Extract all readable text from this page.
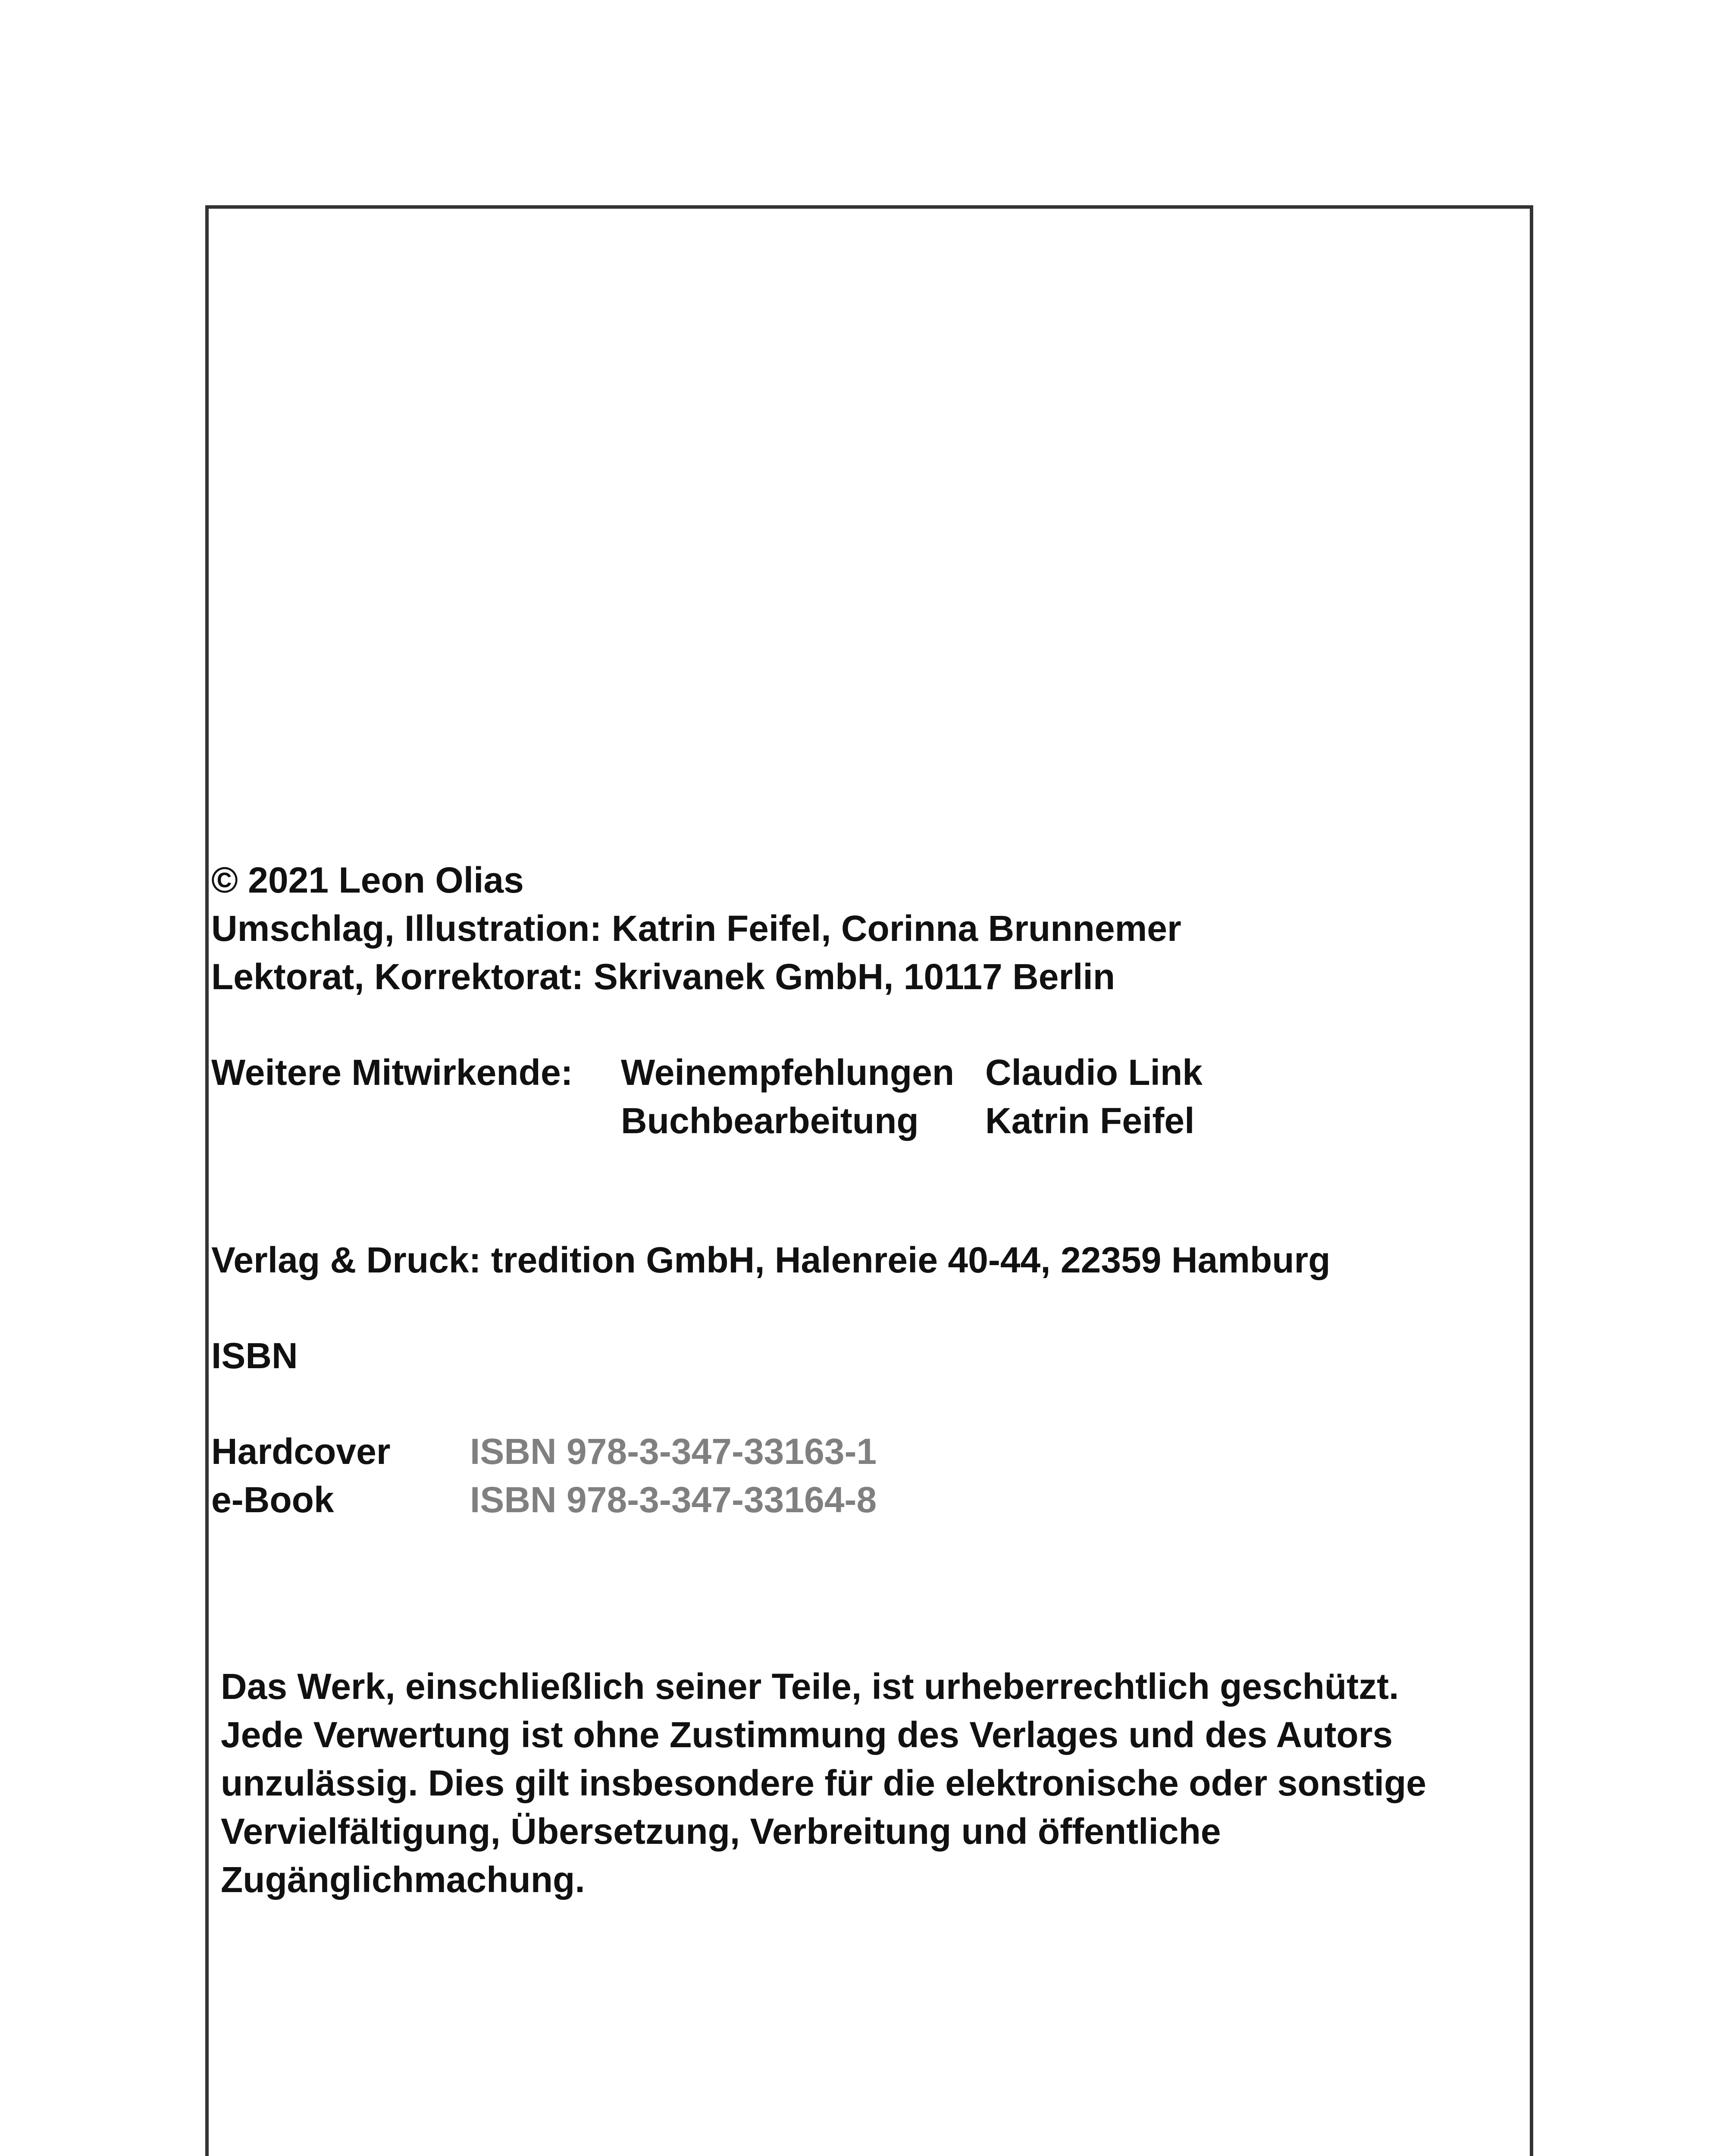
© 2021 Leon Olias
Umschlag, Illustration: Katrin Feifel, Corinna Brunnemer
Lektorat, Korrektorat: Skrivanek GmbH, 10117 Berlin
Weitere Mitwirkende: Weinempfehlungen Claudio Link
Buchbearbeitung Katrin Feifel
Verlag & Druck: tredition GmbH, Halenreie 40-44, 22359 Hamburg
ISBN
Hardcover ISBN 978-3-347-33163-1
e-Book	ISBN 978-3-347-33164-8
Das Werk, einschließlich seiner Teile, ist urheberrechtlich geschützt.
Jede Verwertung ist ohne Zustimmung des Verlages und des Autors
unzulässig. Dies gilt insbesondere für die elektronische oder sonstige
Vervielfältigung, Übersetzung, Verbreitung und öffentliche
Zugänglichmachung.
